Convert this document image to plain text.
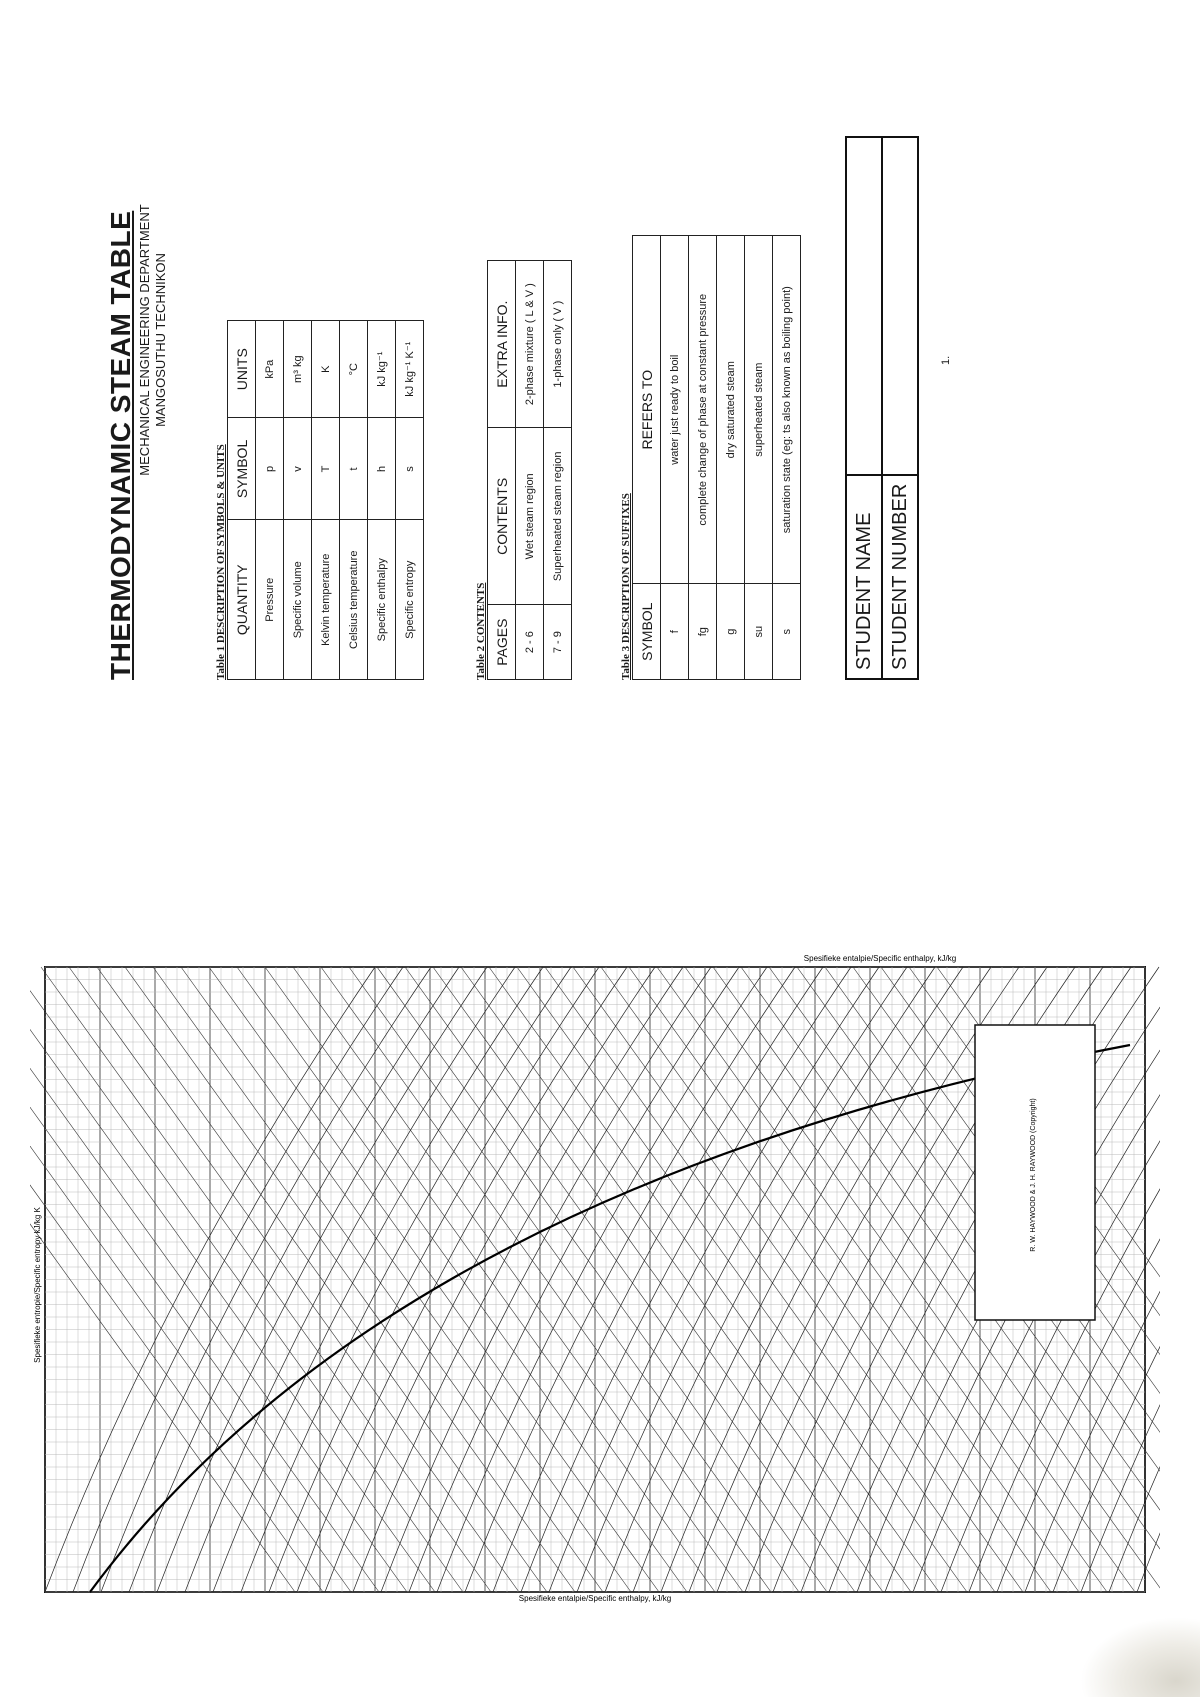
THERMODYNAMIC STEAM TABLE MECHANICAL ENGINEERING DEPARTMENT MANGOSUTHU TECHNIKON

Table 1 DESCRIPTION OF SYMBOLS & UNITS QUANTITY	SYMBOL	UNITS
Pressure	p	kPa
Specific volume	v	m³ kg
Kelvin temperature	T	K
Celsius temperature	t	°C
Specific enthalpy	h	kJ kg⁻¹
Specific entropy	s	kJ kg⁻¹ K⁻¹
Table 2 CONTENTS PAGES	CONTENTS	EXTRA INFO.
2 - 6	Wet steam region	2-phase mixture ( L & V )
7 - 9	Superheated steam region	1-phase only ( V )
Table 3 DESCRIPTION OF SUFFIXES SYMBOL	REFERS TO
f	water just ready to boil
fg	complete change of phase at constant pressure
g	dry saturated steam
su	superheated steam
s	saturation state (eg: ts also known as boiling point)
STUDENT NAME	
STUDENT NUMBER	
1.
R. W. HAYWOOD & J. H. RAYWOOD (Copyright)
Spesifieke entropie/Specific entropy kJ/kg K
Spesifieke entalpie/Specific enthalpy, kJ/kg
Spesifieke entalpie/Specific enthalpy, kJ/kg
